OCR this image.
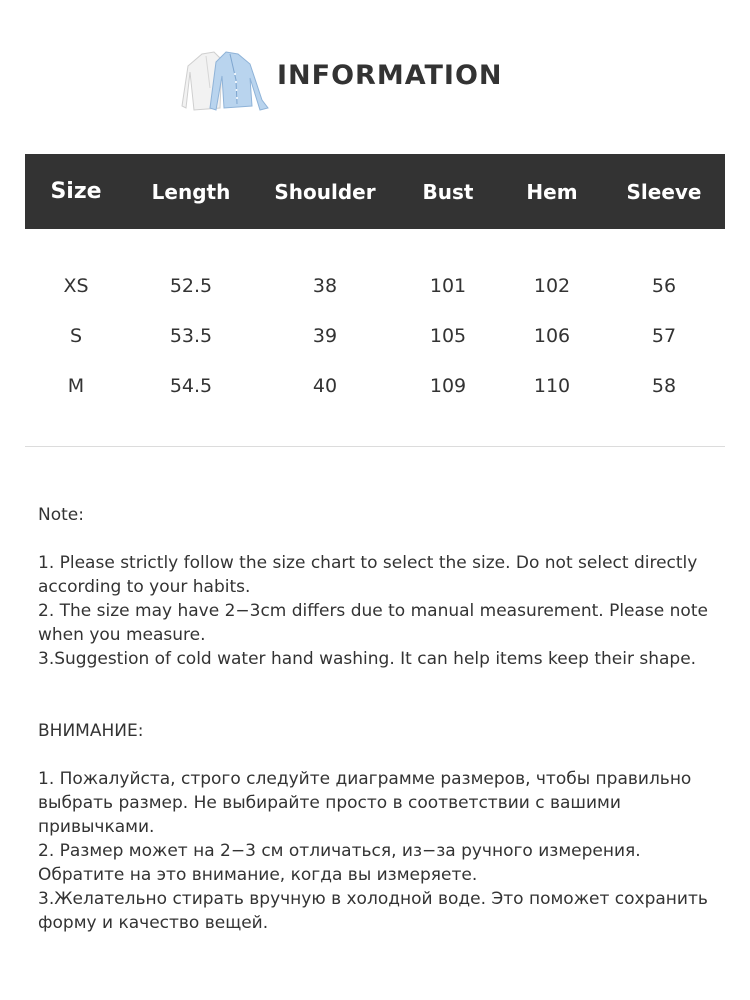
INFORMATION
Size	Length	Shoulder	Bust	Hem	Sleeve
XS	52.5	38	101	102	56
S	53.5	39	105	106	57
M	54.5	40	109	110	58

Note:

1. Please strictly follow the size chart to select the size. Do not select directly according to your habits.

2. The size may have 2−3cm differs due to manual measurement. Please note when you measure.

3.Suggestion of cold water hand washing. It can help items keep their shape.

ВНИМАНИЕ:

1. Пожалуйста, строго следуйте диаграмме размеров, чтобы правильно выбрать размер. Не выбирайте просто в соответствии с вашими привычками.

2. Размер может на 2−3 см отличаться, из−за ручного измерения. Обратите на это внимание, когда вы измеряете.

3.Желательно стирать вручную в холодной воде. Это поможет сохранить форму и качество вещей.
